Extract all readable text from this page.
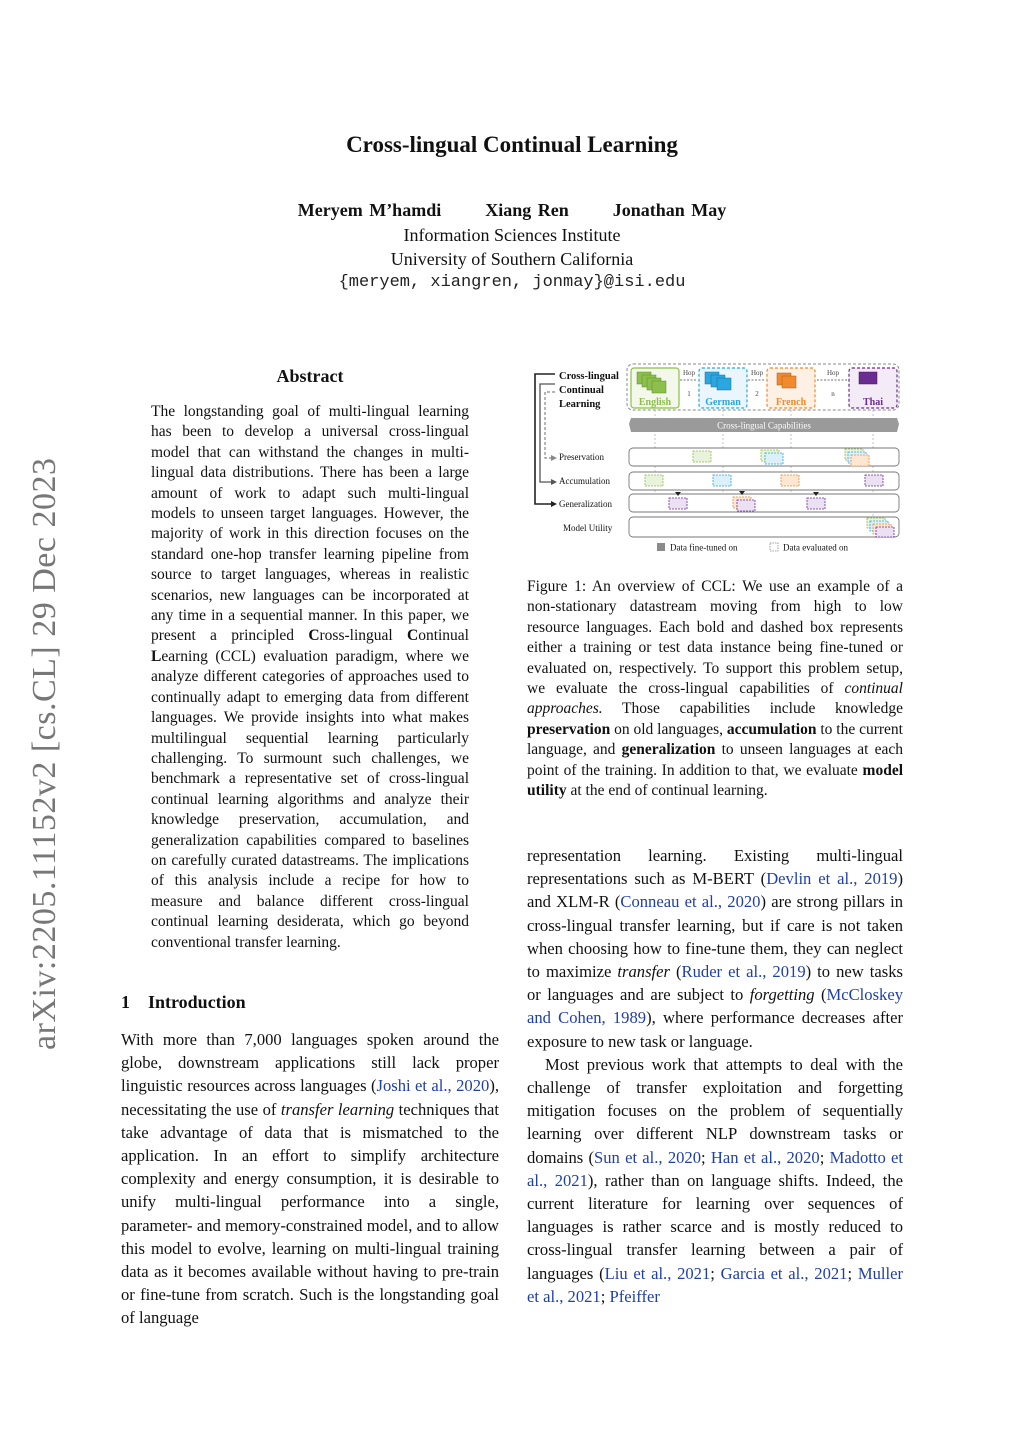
Cross-lingual Continual Learning
Meryem M’hamdi Xiang Ren Jonathan May
Information Sciences Institute
University of Southern California
{meryem, xiangren, jonmay}@isi.edu
arXiv:2205.11152v2 [cs.CL] 29 Dec 2023
Abstract
The longstanding goal of multi-lingual learning has been to develop a universal cross-lingual model that can withstand the changes in multi-lingual data distributions. There has been a large amount of work to adapt such multi-lingual models to unseen target languages. However, the majority of work in this direction focuses on the standard one-hop transfer learning pipeline from source to target languages, whereas in realistic scenarios, new languages can be incorporated at any time in a sequential manner. In this paper, we present a principled Cross-lingual Continual Learning (CCL) evaluation paradigm, where we analyze different categories of approaches used to continually adapt to emerging data from different languages. We provide insights into what makes multilingual sequential learning particularly challenging. To surmount such challenges, we benchmark a representative set of cross-lingual continual learning algorithms and analyze their knowledge preservation, accumulation, and generalization capabilities compared to baselines on carefully curated datastreams. The implications of this analysis include a recipe for how to measure and balance different cross-lingual continual learning desiderata, which go beyond conventional transfer learning.
Cross-lingual
Continual
Learning	English	German	French	Thai
Hop
1
Hop
2
Hop
n
Cross-lingual Capabilities
Preservation
Accumulation
Generalization
Model Utility
Data fine-tuned on	Data evaluated on
Figure 1: An overview of CCL: We use an example of a non-stationary datastream moving from high to low resource languages. Each bold and dashed box represents either a training or test data instance being fine-tuned or evaluated on, respectively. To support this problem setup, we evaluate the cross-lingual capabilities of continual approaches. Those capabilities include knowledge preservation on old languages, accumulation to the current language, and generalization to unseen languages at each point of the training. In addition to that, we evaluate model utility at the end of continual learning.
1 Introduction
With more than 7,000 languages spoken around the globe, downstream applications still lack proper linguistic resources across languages (Joshi et al., 2020), necessitating the use of transfer learning techniques that take advantage of data that is mismatched to the application. In an effort to simplify architecture complexity and energy consumption, it is desirable to unify multi-lingual performance into a single, parameter- and memory-constrained model, and to allow this model to evolve, learning on multi-lingual training data as it becomes available without having to pre-train or fine-tune from scratch. Such is the longstanding goal of language

representation learning. Existing multi-lingual representations such as M-BERT (Devlin et al., 2019) and XLM-R (Conneau et al., 2020) are strong pillars in cross-lingual transfer learning, but if care is not taken when choosing how to fine-tune them, they can neglect to maximize transfer (Ruder et al., 2019) to new tasks or languages and are subject to forgetting (McCloskey and Cohen, 1989), where performance decreases after exposure to new task or language.

Most previous work that attempts to deal with the challenge of transfer exploitation and forgetting mitigation focuses on the problem of sequentially learning over different NLP downstream tasks or domains (Sun et al., 2020; Han et al., 2020; Madotto et al., 2021), rather than on language shifts. Indeed, the current literature for learning over sequences of languages is rather scarce and is mostly reduced to cross-lingual transfer learning between a pair of languages (Liu et al., 2021; Garcia et al., 2021; Muller et al., 2021; Pfeiffer
